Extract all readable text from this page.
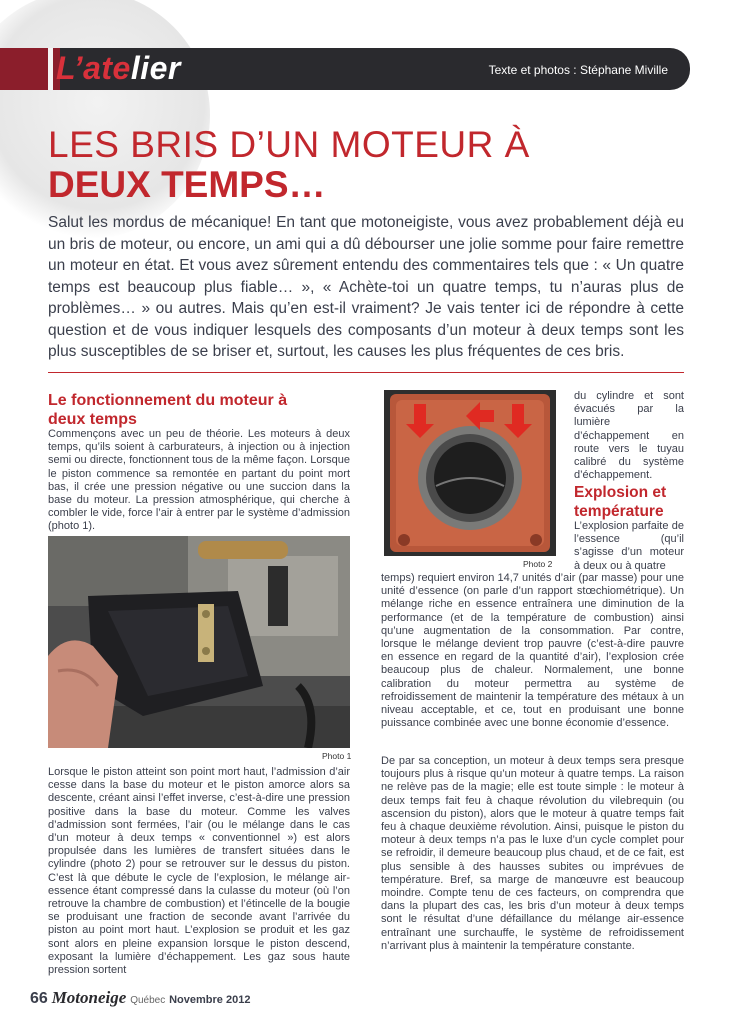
L’atelier	Texte et photos : Stéphane Miville
LES BRIS D’UN MOTEUR À
DEUX TEMPS…
Salut les mordus de mécanique! En tant que motoneigiste, vous avez probablement déjà eu un bris de moteur, ou encore, un ami qui a dû débourser une jolie somme pour faire remettre un moteur en état. Et vous avez sûrement entendu des commentaires tels que : « Un quatre temps est beaucoup plus fiable… », « Achète-toi un quatre temps, tu n’auras plus de problèmes… » ou autres. Mais qu’en est-il vraiment? Je vais tenter ici de répondre à cette question et de vous indiquer lesquels des composants d’un moteur à deux temps sont les plus susceptibles de se briser et, surtout, les causes les plus fréquentes de ces bris.
Le fonctionnement du moteur à deux temps
Commençons avec un peu de théorie. Les moteurs à deux temps, qu’ils soient à carburateurs, à injection ou à injection semi ou directe, fonctionnent tous de la même façon. Lorsque le piston commence sa remontée en partant du point mort bas, il crée une pression négative ou une succion dans la base du moteur. La pression atmosphérique, qui cherche à combler le vide, force l’air à entrer par le système d’admission (photo 1).
Photo 1
Lorsque le piston atteint son point mort haut, l’admission d’air cesse dans la base du moteur et le piston amorce alors sa descente, créant ainsi l’effet inverse, c’est-à-dire une pression positive dans la base du moteur. Comme les valves d’admission sont fermées, l’air (ou le mélange dans le cas d’un moteur à deux temps « conventionnel ») est alors propulsée dans les lumières de transfert situées dans le cylindre (photo 2) pour se retrouver sur le dessus du piston. C’est là que débute le cycle de l’explosion, le mélange air-essence étant compressé dans la culasse du moteur (où l’on retrouve la chambre de combustion) et l’étincelle de la bougie se produisant une fraction de seconde avant l’arrivée du piston au point mort haut. L’explosion se produit et les gaz sont alors en pleine expansion lorsque le piston descend, exposant la lumière d’échappement. Les gaz sous haute pression sortent
Photo 2
du cylindre et sont évacués par la lumière d’échappement en route vers le tuyau calibré du système d’échappement.
Explosion et température
L’explosion parfaite de l’essence (qu’il s’agisse d’un moteur à deux ou à quatre
temps) requiert environ 14,7 unités d’air (par masse) pour une unité d’essence (on parle d’un rapport stœchiométrique). Un mélange riche en essence entraînera une diminution de la performance (et de la température de combustion) ainsi qu’une augmentation de la consommation. Par contre, lorsque le mélange devient trop pauvre (c’est-à-dire pauvre en essence en regard de la quantité d’air), l’explosion crée beaucoup plus de chaleur. Normalement, une bonne calibration du moteur permettra au système de refroidissement de maintenir la température des métaux à un niveau acceptable, et ce, tout en produisant une bonne puissance combinée avec une bonne économie d’essence.
De par sa conception, un moteur à deux temps sera presque toujours plus à risque qu’un moteur à quatre temps. La raison ne relève pas de la magie; elle est toute simple : le moteur à deux temps fait feu à chaque révolution du vilebrequin (ou ascension du piston), alors que le moteur à quatre temps fait feu à chaque deuxième révolution. Ainsi, puisque le piston du moteur à deux temps n’a pas le luxe d’un cycle complet pour se refroidir, il demeure beaucoup plus chaud, et de ce fait, est plus sensible à des hausses subites ou imprévues de température. Bref, sa marge de manœuvre est beaucoup moindre. Compte tenu de ces facteurs, on comprendra que dans la plupart des cas, les bris d’un moteur à deux temps sont le résultat d’une défaillance du mélange air-essence entraînant une surchauffe, le système de refroidissement n’arrivant plus à maintenir la température constante.
66 Motoneige Québec Novembre 2012
